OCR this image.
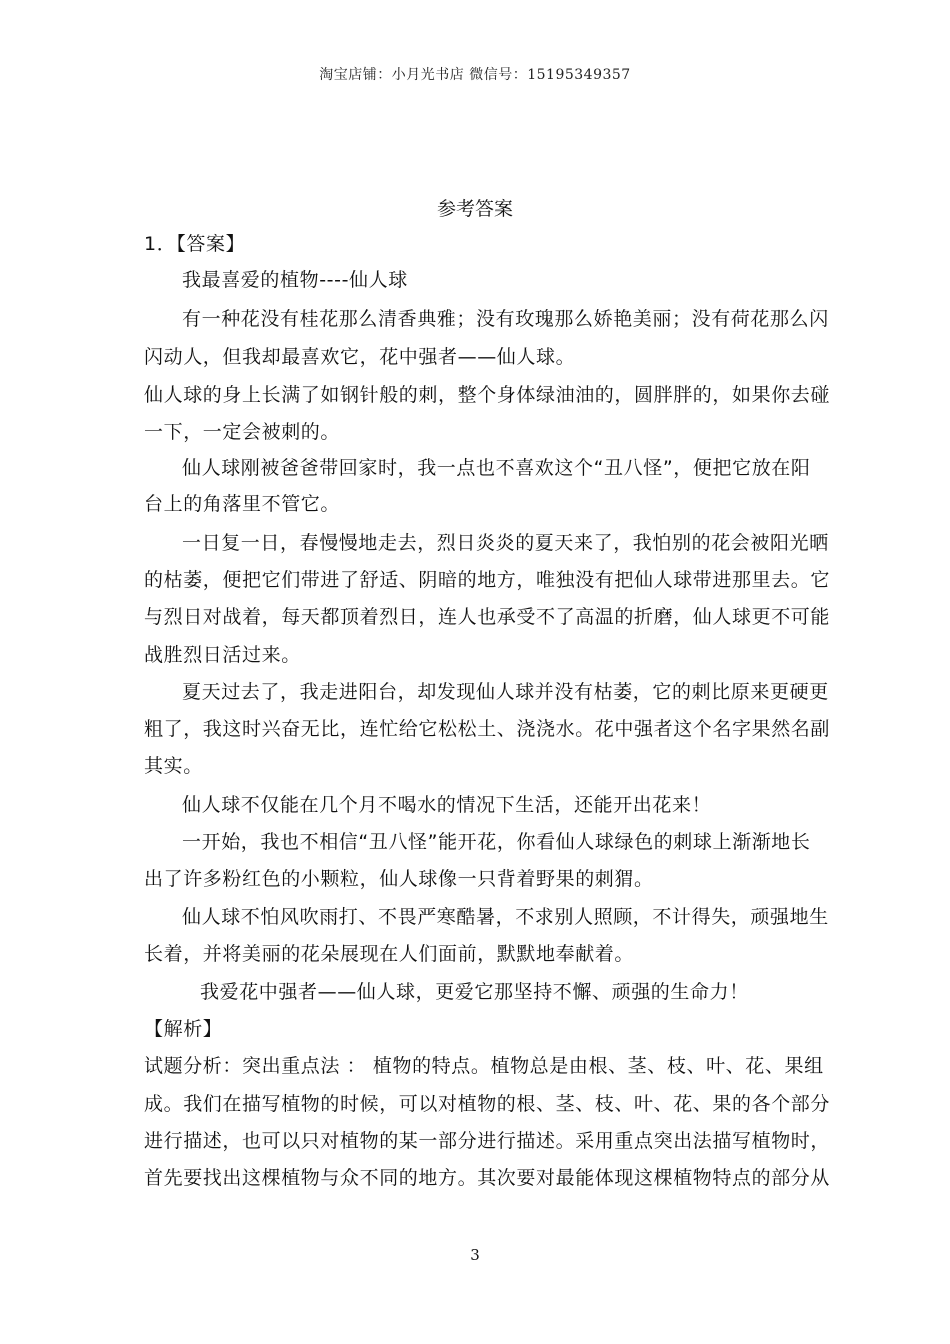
淘宝店铺：小月光书店 微信号：15195349357
参考答案
1．【答案】
我最喜爱的植物----仙人球
有一种花没有桂花那么清香典雅；没有玫瑰那么娇艳美丽；没有荷花那么闪
闪动人，但我却最喜欢它，花中强者——仙人球。
仙人球的身上长满了如钢针般的刺，整个身体绿油油的，圆胖胖的，如果你去碰
一下，一定会被刺的。
仙人球刚被爸爸带回家时，我一点也不喜欢这个“丑八怪”，便把它放在阳
台上的角落里不管它。
一日复一日，春慢慢地走去，烈日炎炎的夏天来了，我怕别的花会被阳光晒
的枯萎，便把它们带进了舒适、阴暗的地方，唯独没有把仙人球带进那里去。它
与烈日对战着，每天都顶着烈日，连人也承受不了高温的折磨，仙人球更不可能
战胜烈日活过来。
夏天过去了，我走进阳台，却发现仙人球并没有枯萎，它的刺比原来更硬更
粗了，我这时兴奋无比，连忙给它松松土、浇浇水。花中强者这个名字果然名副
其实。
仙人球不仅能在几个月不喝水的情况下生活，还能开出花来！
一开始，我也不相信“丑八怪”能开花，你看仙人球绿色的刺球上渐渐地长
出了许多粉红色的小颗粒，仙人球像一只背着野果的刺猬。
仙人球不怕风吹雨打、不畏严寒酷暑，不求别人照顾，不计得失，顽强地生
长着，并将美丽的花朵展现在人们面前，默默地奉献着。
我爱花中强者——仙人球，更爱它那坚持不懈、顽强的生命力！
【解析】
试题分析：突出重点法 ： 植物的特点。植物总是由根、茎、枝、叶、花、果组
成。我们在描写植物的时候，可以对植物的根、茎、枝、叶、花、果的各个部分
进行描述，也可以只对植物的某一部分进行描述。采用重点突出法描写植物时，
首先要找出这棵植物与众不同的地方。其次要对最能体现这棵植物特点的部分从
3
